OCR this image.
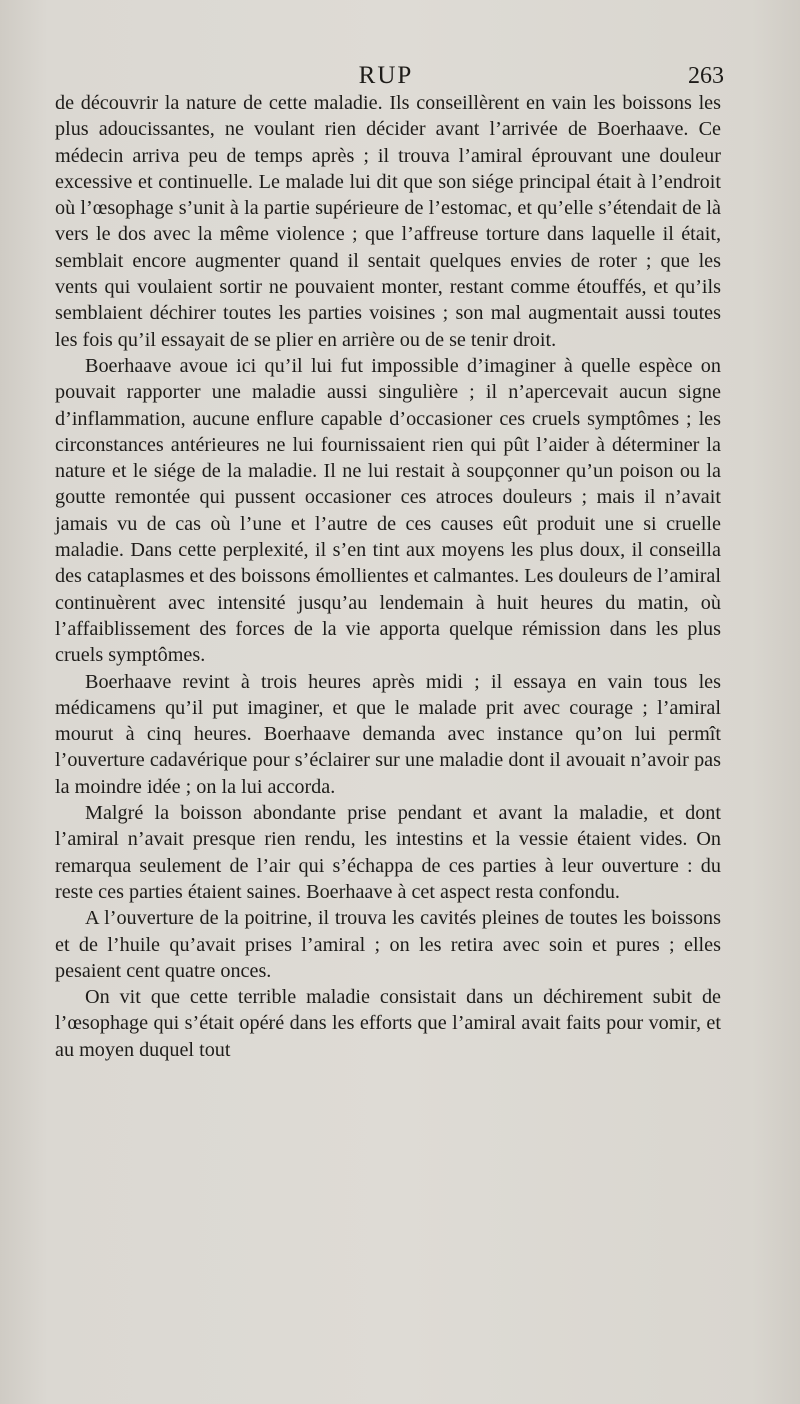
RUP	263

de découvrir la nature de cette maladie. Ils conseillèrent en vain les boissons les plus adoucissantes, ne voulant rien décider avant l’arrivée de Boerhaave. Ce médecin arriva peu de temps après ; il trouva l’amiral éprouvant une douleur excessive et continuelle. Le malade lui dit que son siége principal était à l’endroit où l’œsophage s’unit à la partie supérieure de l’estomac, et qu’elle s’étendait de là vers le dos avec la même violence ; que l’affreuse torture dans laquelle il était, semblait encore augmenter quand il sentait quelques envies de roter ; que les vents qui voulaient sortir ne pouvaient monter, restant comme étouffés, et qu’ils semblaient déchirer toutes les parties voisines ; son mal augmentait aussi toutes les fois qu’il essayait de se plier en arrière ou de se tenir droit.

Boerhaave avoue ici qu’il lui fut impossible d’imaginer à quelle espèce on pouvait rapporter une maladie aussi singulière ; il n’apercevait aucun signe d’inflammation, aucune enflure capable d’occasioner ces cruels symptômes ; les circonstances antérieures ne lui fournissaient rien qui pût l’aider à déterminer la nature et le siége de la maladie. Il ne lui restait à soupçonner qu’un poison ou la goutte remontée qui pussent occasioner ces atroces douleurs ; mais il n’avait jamais vu de cas où l’une et l’autre de ces causes eût produit une si cruelle maladie. Dans cette perplexité, il s’en tint aux moyens les plus doux, il conseilla des cataplasmes et des boissons émollientes et calmantes. Les douleurs de l’amiral continuèrent avec intensité jusqu’au lendemain à huit heures du matin, où l’affaiblissement des forces de la vie apporta quelque rémission dans les plus cruels symptômes.

Boerhaave revint à trois heures après midi ; il essaya en vain tous les médicamens qu’il put imaginer, et que le malade prit avec courage ; l’amiral mourut à cinq heures. Boerhaave demanda avec instance qu’on lui permît l’ouverture cadavérique pour s’éclairer sur une maladie dont il avouait n’avoir pas la moindre idée ; on la lui accorda.

Malgré la boisson abondante prise pendant et avant la maladie, et dont l’amiral n’avait presque rien rendu, les intestins et la vessie étaient vides. On remarqua seulement de l’air qui s’échappa de ces parties à leur ouverture : du reste ces parties étaient saines. Boerhaave à cet aspect resta confondu.

A l’ouverture de la poitrine, il trouva les cavités pleines de toutes les boissons et de l’huile qu’avait prises l’amiral ; on les retira avec soin et pures ; elles pesaient cent quatre onces.

On vit que cette terrible maladie consistait dans un déchirement subit de l’œsophage qui s’était opéré dans les efforts que l’amiral avait faits pour vomir, et au moyen duquel tout
